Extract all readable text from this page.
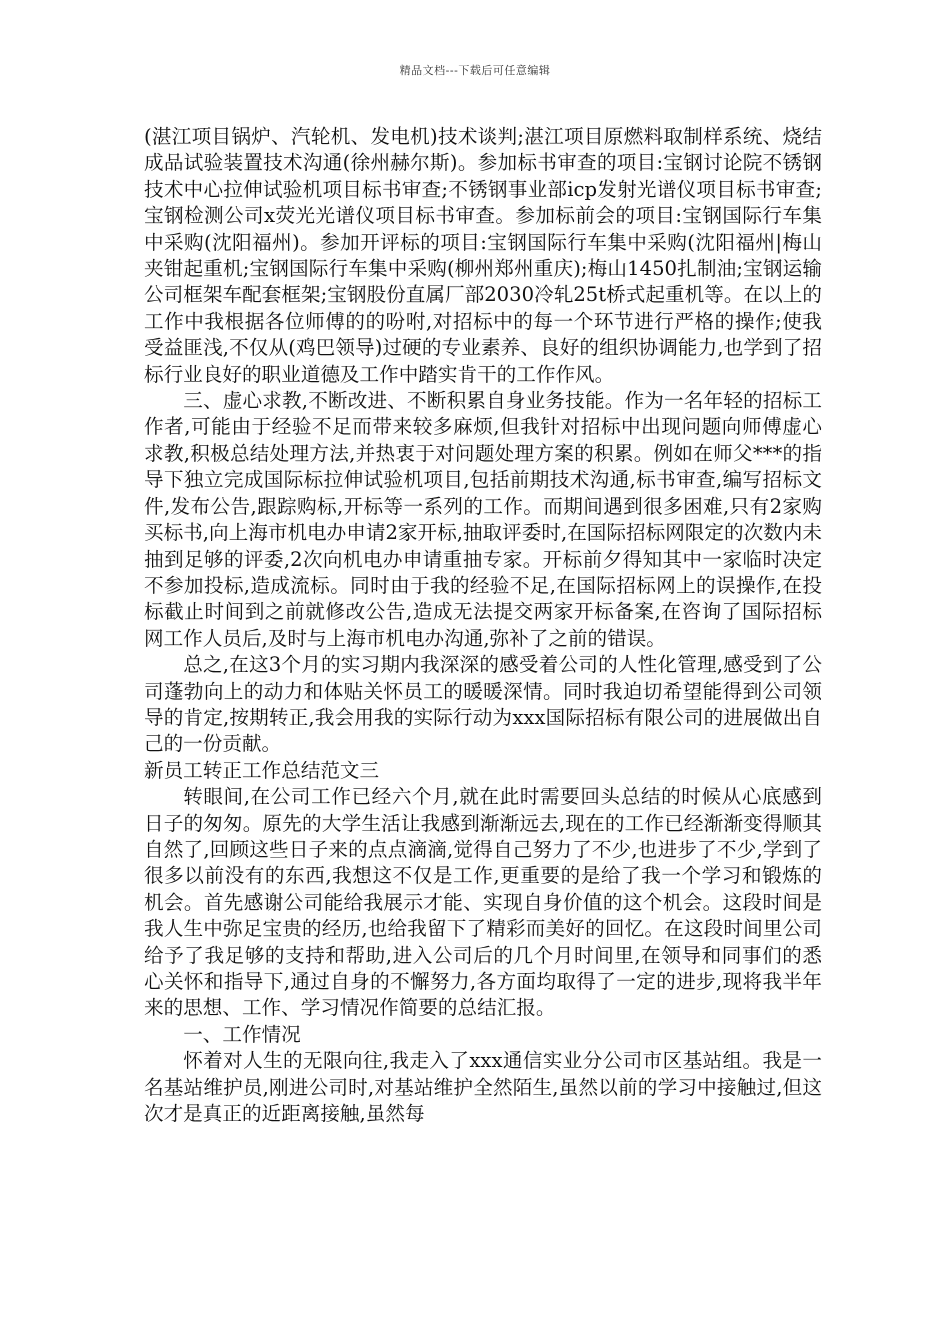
精品文档---下载后可任意编辑

(湛江项目锅炉、汽轮机、发电机)技术谈判;湛江项目原燃料取制样系统、烧结成品试验装置技术沟通(徐州赫尔斯)。参加标书审查的项目:宝钢讨论院不锈钢技术中心拉伸试验机项目标书审查;不锈钢事业部icp发射光谱仪项目标书审查;宝钢检测公司x荧光光谱仪项目标书审查。参加标前会的项目:宝钢国际行车集中采购(沈阳福州)。参加开评标的项目:宝钢国际行车集中采购(沈阳福州|梅山夹钳起重机;宝钢国际行车集中采购(柳州郑州重庆);梅山1450扎制油;宝钢运输公司框架车配套框架;宝钢股份直属厂部2030冷轧25t桥式起重机等。在以上的工作中我根据各位师傅的的吩咐,对招标中的每一个环节进行严格的操作;使我受益匪浅,不仅从(鸡巴领导)过硬的专业素养、良好的组织协调能力,也学到了招标行业良好的职业道德及工作中踏实肯干的工作作风。

三、虚心求教,不断改进、不断积累自身业务技能。作为一名年轻的招标工作者,可能由于经验不足而带来较多麻烦,但我针对招标中出现问题向师傅虚心求教,积极总结处理方法,并热衷于对问题处理方案的积累。例如在师父***的指导下独立完成国际标拉伸试验机项目,包括前期技术沟通,标书审查,编写招标文件,发布公告,跟踪购标,开标等一系列的工作。而期间遇到很多困难,只有2家购买标书,向上海市机电办申请2家开标,抽取评委时,在国际招标网限定的次数内未抽到足够的评委,2次向机电办申请重抽专家。开标前夕得知其中一家临时决定不参加投标,造成流标。同时由于我的经验不足,在国际招标网上的误操作,在投标截止时间到之前就修改公告,造成无法提交两家开标备案,在咨询了国际招标网工作人员后,及时与上海市机电办沟通,弥补了之前的错误。

总之,在这3个月的实习期内我深深的感受着公司的人性化管理,感受到了公司蓬勃向上的动力和体贴关怀员工的暖暖深情。同时我迫切希望能得到公司领导的肯定,按期转正,我会用我的实际行动为xxx国际招标有限公司的进展做出自己的一份贡献。

新员工转正工作总结范文三

转眼间,在公司工作已经六个月,就在此时需要回头总结的时候从心底感到日子的匆匆。原先的大学生活让我感到渐渐远去,现在的工作已经渐渐变得顺其自然了,回顾这些日子来的点点滴滴,觉得自己努力了不少,也进步了不少,学到了很多以前没有的东西,我想这不仅是工作,更重要的是给了我一个学习和锻炼的机会。首先感谢公司能给我展示才能、实现自身价值的这个机会。这段时间是我人生中弥足宝贵的经历,也给我留下了精彩而美好的回忆。在这段时间里公司给予了我足够的支持和帮助,进入公司后的几个月时间里,在领导和同事们的悉心关怀和指导下,通过自身的不懈努力,各方面均取得了一定的进步,现将我半年来的思想、工作、学习情况作简要的总结汇报。

一、工作情况

怀着对人生的无限向往,我走入了xxx通信实业分公司市区基站组。我是一名基站维护员,刚进公司时,对基站维护全然陌生,虽然以前的学习中接触过,但这次才是真正的近距离接触,虽然每
